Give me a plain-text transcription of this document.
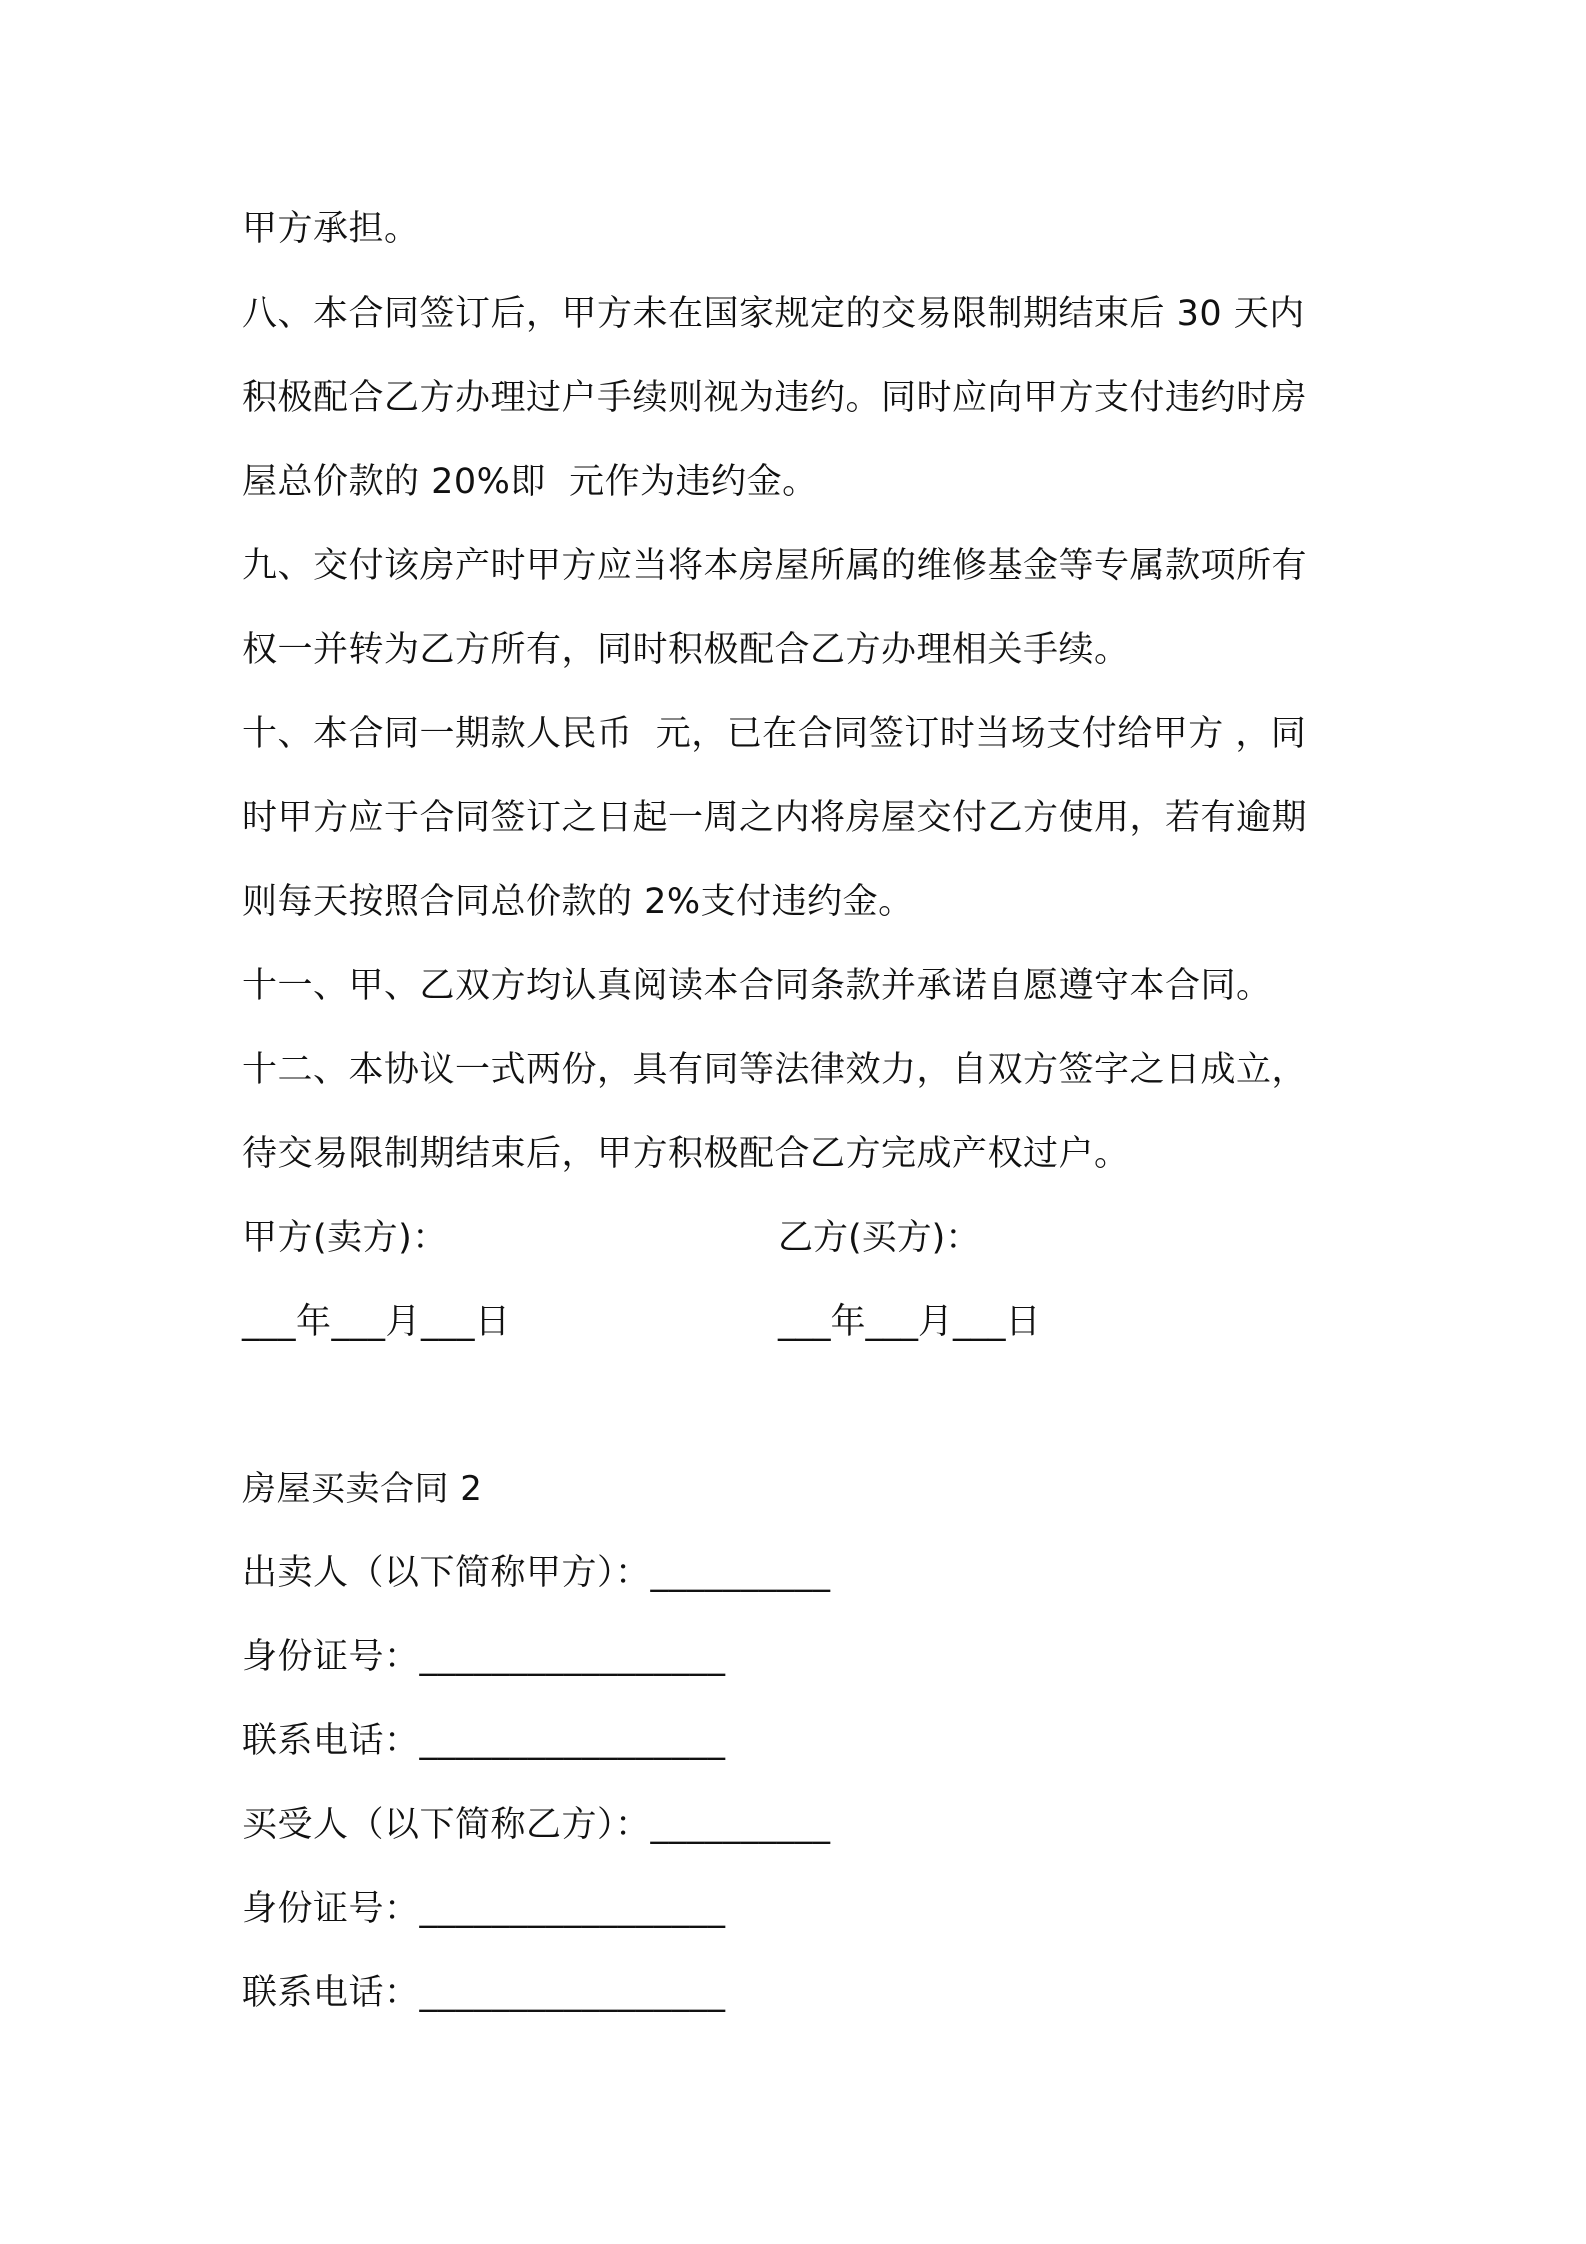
甲方承担。
八、本合同签订后，甲方未在国家规定的交易限制期结束后 30 天内
积极配合乙方办理过户手续则视为违约。同时应向甲方支付违约时房
屋总价款的 20%即  元作为违约金。
九、交付该房产时甲方应当将本房屋所属的维修基金等专属款项所有
权一并转为乙方所有，同时积极配合乙方办理相关手续。
十、本合同一期款人民币  元，已在合同签订时当场支付给甲方 ，同
时甲方应于合同签订之日起一周之内将房屋交付乙方使用，若有逾期
则每天按照合同总价款的 2%支付违约金。
十一、甲、乙双方均认真阅读本合同条款并承诺自愿遵守本合同。
十二、本协议一式两份，具有同等法律效力，自双方签字之日成立，
待交易限制期结束后，甲方积极配合乙方完成产权过户。
甲方(卖方)：	乙方(买方)：
___年___月___日	___年___月___日
房屋买卖合同 2
出卖人（以下简称甲方）：__________
身份证号：_________________
联系电话：_________________
买受人（以下简称乙方）：__________
身份证号：_________________
联系电话：_________________
